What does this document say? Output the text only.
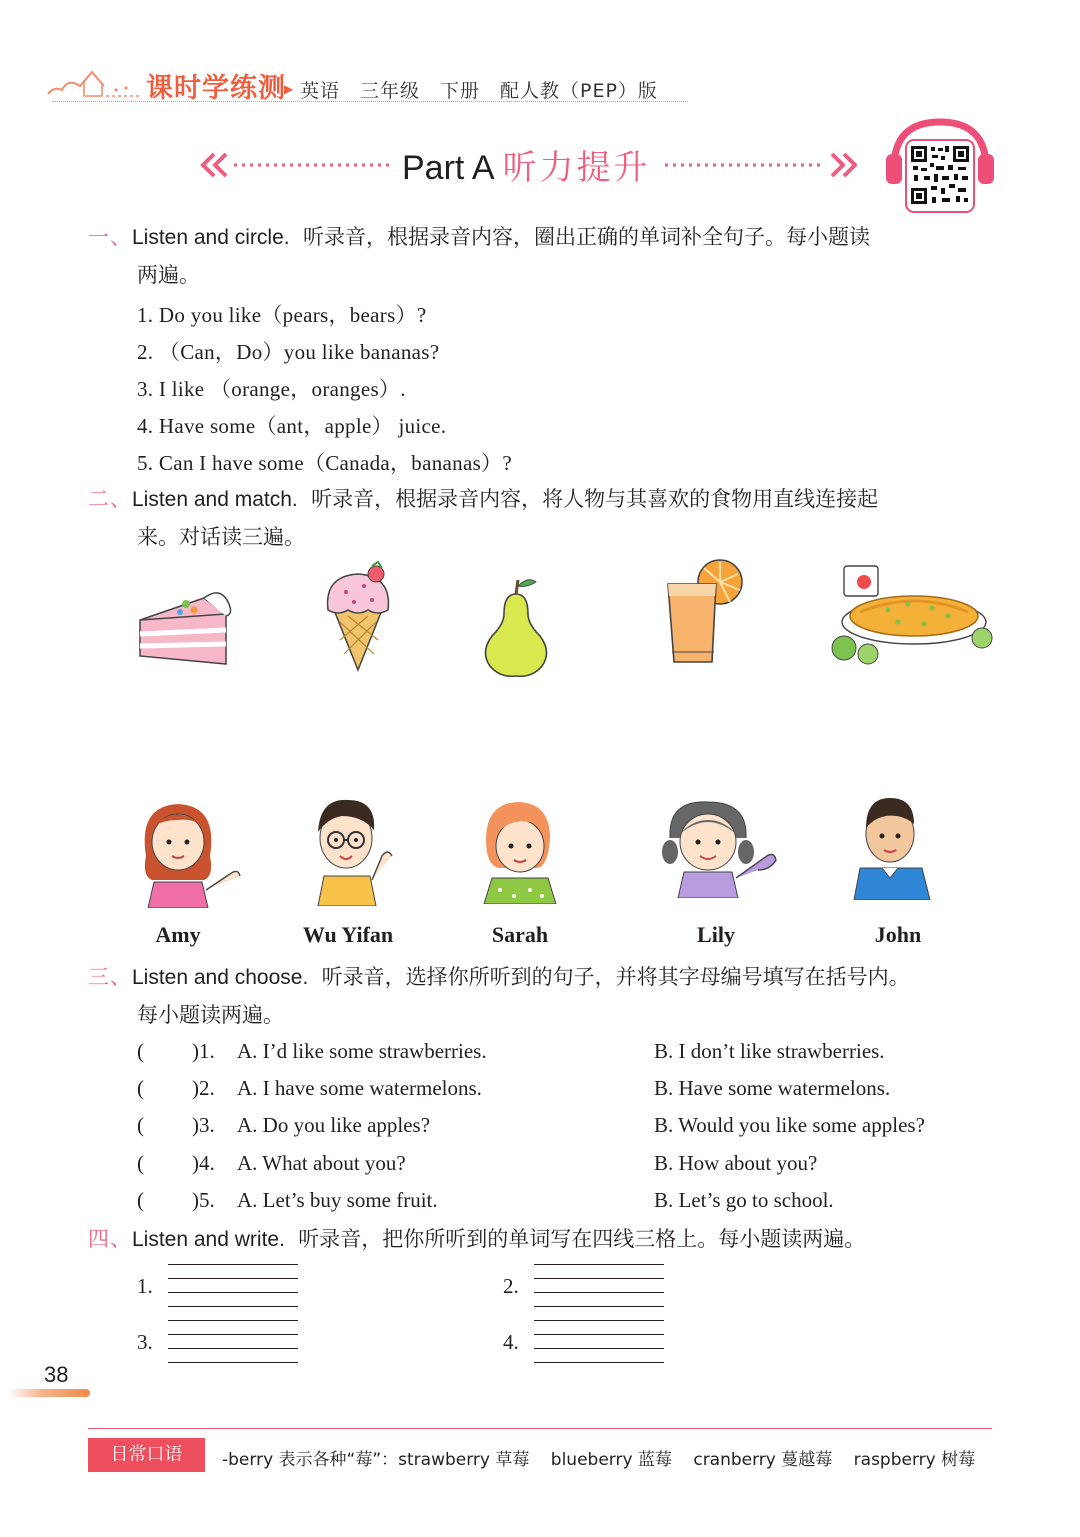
课时学练测
▶ 英语　三年级　下册　配人教（PEP）版
Part A 听力提升
一、Listen and circle. 听录音，根据录音内容，圈出正确的单词补全句子。每小题读
两遍。
1. Do you like（pears，bears）?
2. （Can，Do）you like bananas?
3. I like （orange，oranges）.
4. Have some（ant，apple） juice.
5. Can I have some（Canada，bananas）?
二、Listen and match. 听录音，根据录音内容，将人物与其喜欢的食物用直线连接起
来。对话读三遍。
Amy	Wu Yifan	Sarah	Lily	John
三、Listen and choose. 听录音，选择你所听到的句子，并将其字母编号填写在括号内。
每小题读两遍。
( )1. A. I’d like some strawberries.	B. I don’t like strawberries.
( )2. A. I have some watermelons.	B. Have some watermelons.
( )3. A. Do you like apples?	B. Would you like some apples?
( )4. A. What about you?	B. How about you?
( )5. A. Let’s buy some fruit.	B. Let’s go to school.
四、Listen and write. 听录音，把你所听到的单词写在四线三格上。每小题读两遍。
1.	2.
3.	4.
38
日常口语	-berry 表示各种“莓”：strawberry 草莓 blueberry 蓝莓 cranberry 蔓越莓 raspberry 树莓
